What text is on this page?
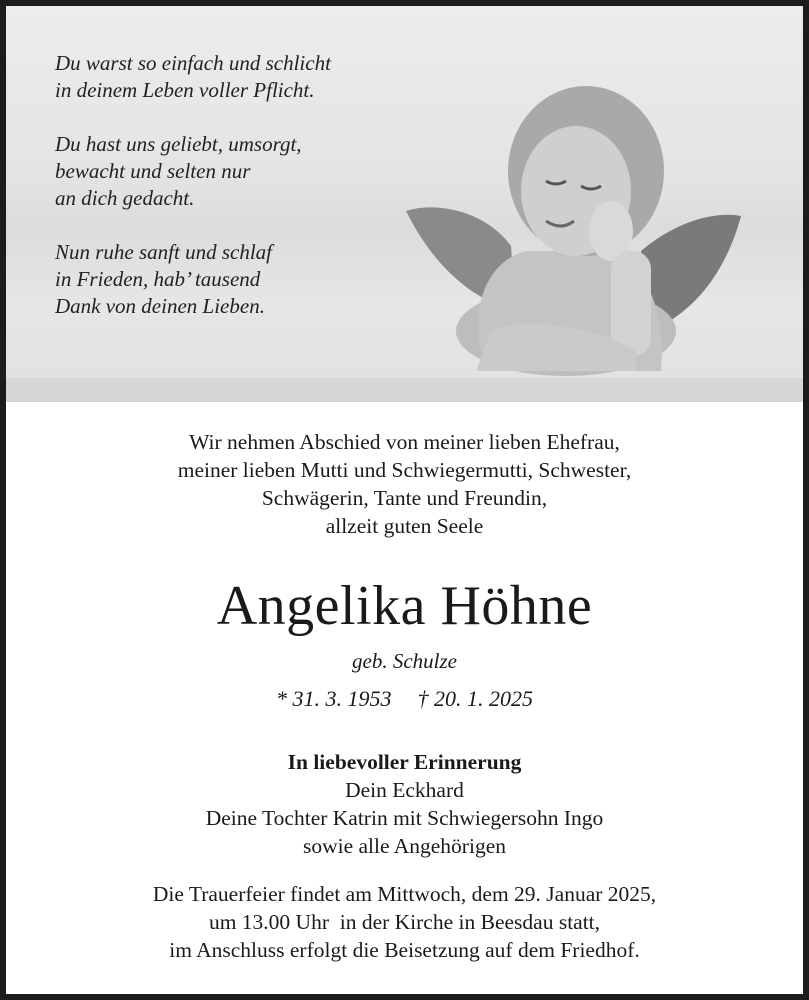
Du warst so einfach und schlicht
in deinem Leben voller Pflicht.

Du hast uns geliebt, umsorgt,
bewacht und selten nur
an dich gedacht.

Nun ruhe sanft und schlaf
in Frieden, hab’ tausend
Dank von deinen Lieben.

Wir nehmen Abschied von meiner lieben Ehefrau,
meiner lieben Mutti und Schwiegermutti, Schwester,
Schwägerin, Tante und Freundin,
allzeit guten Seele
Angelika Höhne
geb. Schulze
* 31. 3. 1953 † 20. 1. 2025
In liebevoller Erinnerung
Dein Eckhard
Deine Tochter Katrin mit Schwiegersohn Ingo
sowie alle Angehörigen
Die Trauerfeier findet am Mittwoch, dem 29. Januar 2025,
um 13.00 Uhr  in der Kirche in Beesdau statt,
im Anschluss erfolgt die Beisetzung auf dem Friedhof.
